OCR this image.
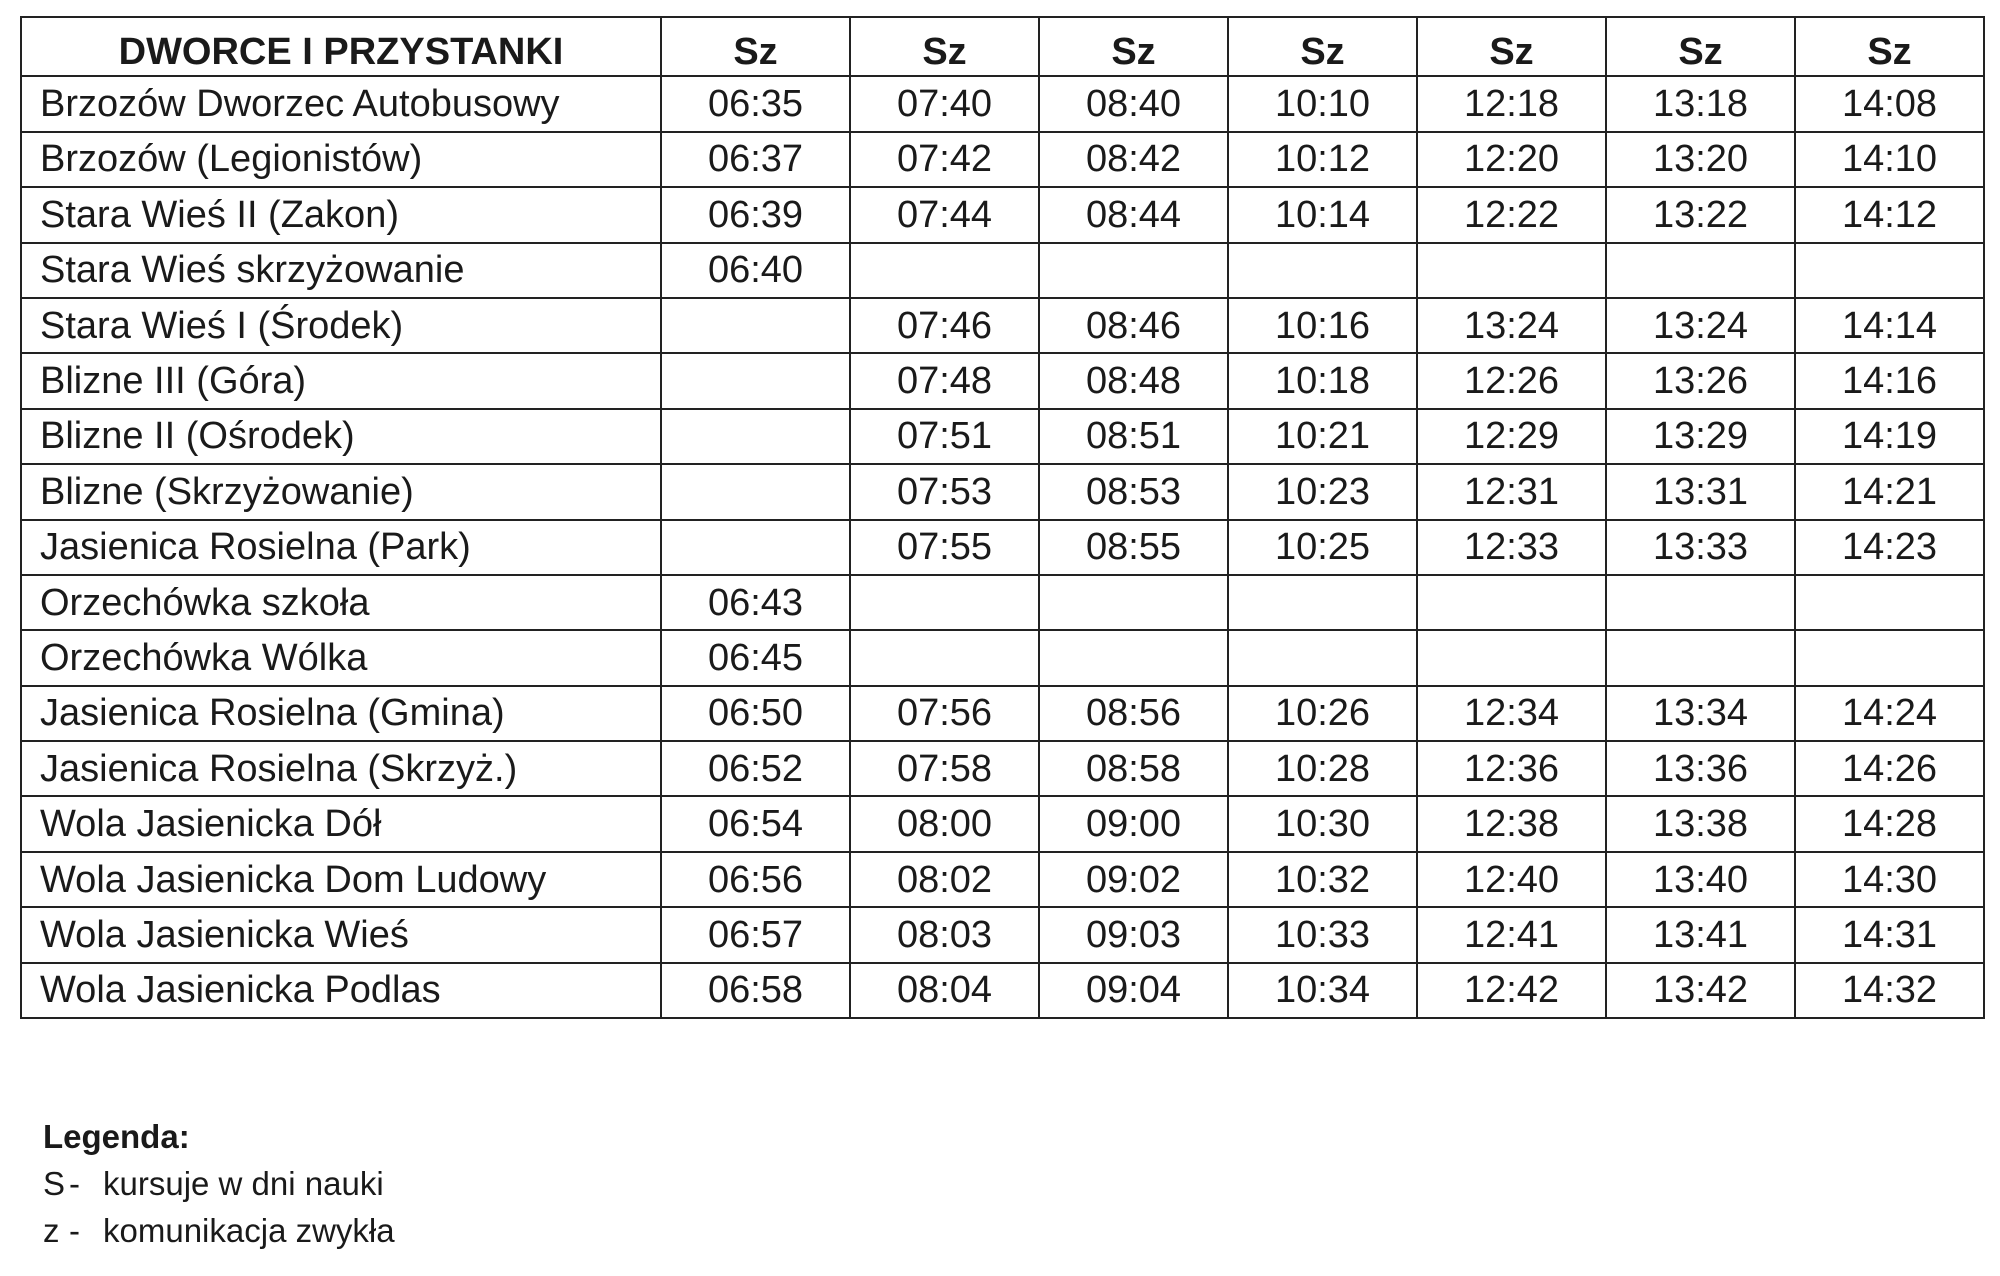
DWORCE I PRZYSTANKI	Sz	Sz	Sz	Sz	Sz	Sz	Sz
Brzozów Dworzec Autobusowy	06:35	07:40	08:40	10:10	12:18	13:18	14:08
Brzozów (Legionistów)	06:37	07:42	08:42	10:12	12:20	13:20	14:10
Stara Wieś II (Zakon)	06:39	07:44	08:44	10:14	12:22	13:22	14:12
Stara Wieś skrzyżowanie	06:40						
Stara Wieś I (Środek)		07:46	08:46	10:16	13:24	13:24	14:14
Blizne III (Góra)		07:48	08:48	10:18	12:26	13:26	14:16
Blizne II (Ośrodek)		07:51	08:51	10:21	12:29	13:29	14:19
Blizne (Skrzyżowanie)		07:53	08:53	10:23	12:31	13:31	14:21
Jasienica Rosielna (Park)		07:55	08:55	10:25	12:33	13:33	14:23
Orzechówka szkoła	06:43						
Orzechówka Wólka	06:45						
Jasienica Rosielna (Gmina)	06:50	07:56	08:56	10:26	12:34	13:34	14:24
Jasienica Rosielna (Skrzyż.)	06:52	07:58	08:58	10:28	12:36	13:36	14:26
Wola Jasienicka Dół	06:54	08:00	09:00	10:30	12:38	13:38	14:28
Wola Jasienicka Dom Ludowy	06:56	08:02	09:02	10:32	12:40	13:40	14:30
Wola Jasienicka Wieś	06:57	08:03	09:03	10:33	12:41	13:41	14:31
Wola Jasienicka Podlas	06:58	08:04	09:04	10:34	12:42	13:42	14:32
Legenda:
S - kursuje w dni nauki
z - komunikacja zwykła
